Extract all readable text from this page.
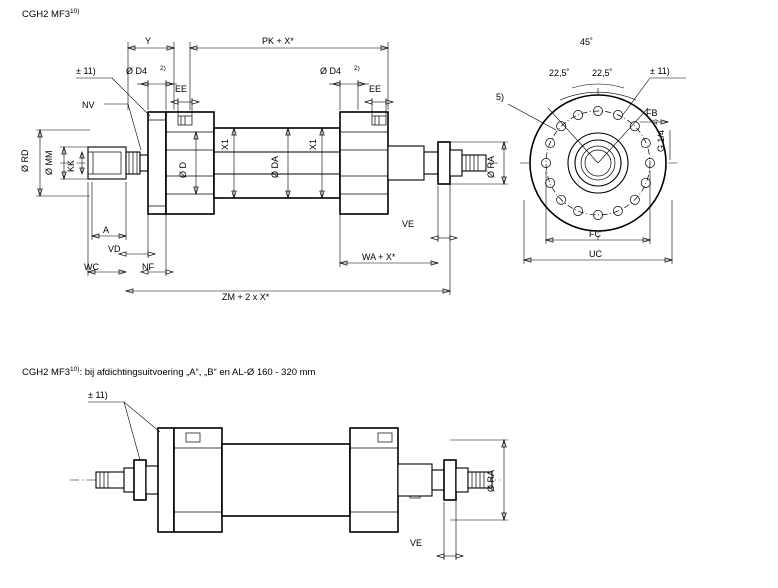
CGH2 MF3$^{10)}$
CGH2 MF3$^{10)}$: bij afdichtingsuitvoering „A“, „B“ en AL-Ø 160 - 320 mm
Y	PK + X*
Ø D4 2)
EE
Ø D4 2)
EE
± 11)
NV
Ø RD Ø MM KK	Ø D
X1
Ø DA
X1
Ø RA
A
VD
WC	NF
VE
WA + X*
ZM + 2 x X*
45˚
22,5˚ 22,5˚	± 11)
5)
FB
G 1/4
1)
FC
UC
± 11)
Ø RA
VE
